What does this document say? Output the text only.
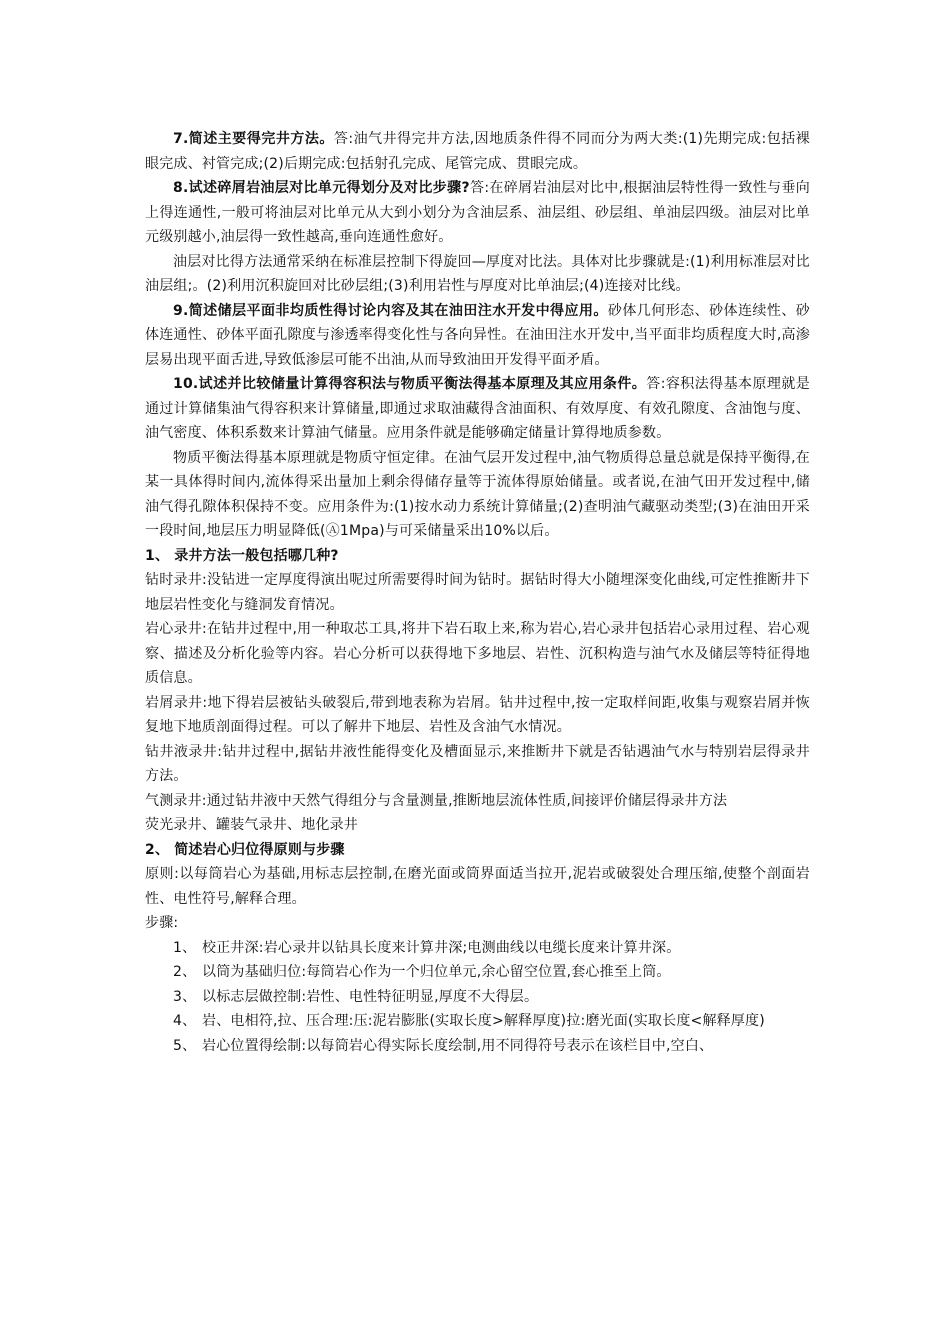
7.简述主要得完井方法。答:油气井得完井方法,因地质条件得不同而分为两大类:(1)先期完成:包括裸眼完成、衬管完成;(2)后期完成:包括射孔完成、尾管完成、贯眼完成。

8.试述碎屑岩油层对比单元得划分及对比步骤?答:在碎屑岩油层对比中,根据油层特性得一致性与垂向上得连通性,一般可将油层对比单元从大到小划分为含油层系、油层组、砂层组、单油层四级。油层对比单元级别越小,油层得一致性越高,垂向连通性愈好。

油层对比得方法通常采纳在标准层控制下得旋回—厚度对比法。具体对比步骤就是:(1)利用标准层对比油层组;。(2)利用沉积旋回对比砂层组;(3)利用岩性与厚度对比单油层;(4)连接对比线。

9.简述储层平面非均质性得讨论内容及其在油田注水开发中得应用。砂体几何形态、砂体连续性、砂体连通性、砂体平面孔隙度与渗透率得变化性与各向异性。在油田注水开发中,当平面非均质程度大时,高渗层易出现平面舌进,导致低渗层可能不出油,从而导致油田开发得平面矛盾。

10.试述并比较储量计算得容积法与物质平衡法得基本原理及其应用条件。答:容积法得基本原理就是通过计算储集油气得容积来计算储量,即通过求取油藏得含油面积、有效厚度、有效孔隙度、含油饱与度、油气密度、体积系数来计算油气储量。应用条件就是能够确定储量计算得地质参数。

物质平衡法得基本原理就是物质守恒定律。在油气层开发过程中,油气物质得总量总就是保持平衡得,在某一具体得时间内,流体得采出量加上剩余得储存量等于流体得原始储量。或者说,在油气田开发过程中,储油气得孔隙体积保持不变。应用条件为:(1)按水动力系统计算储量;(2)查明油气藏驱动类型;(3)在油田开采一段时间,地层压力明显降低(Ⓐ1Mpa)与可采储量采出10%以后。

1、 录井方法一般包括哪几种?

钻时录井:没钻进一定厚度得演出呢过所需要得时间为钻时。据钻时得大小随埋深变化曲线,可定性推断井下地层岩性变化与缝洞发育情况。

岩心录井:在钻井过程中,用一种取芯工具,将井下岩石取上来,称为岩心,岩心录井包括岩心录用过程、岩心观察、描述及分析化验等内容。岩心分析可以获得地下多地层、岩性、沉积构造与油气水及储层等特征得地质信息。

岩屑录井:地下得岩层被钻头破裂后,带到地表称为岩屑。钻井过程中,按一定取样间距,收集与观察岩屑并恢复地下地质剖面得过程。可以了解井下地层、岩性及含油气水情况。

钻井液录井:钻井过程中,据钻井液性能得变化及槽面显示,来推断井下就是否钻遇油气水与特别岩层得录井方法。

气测录井:通过钻井液中天然气得组分与含量测量,推断地层流体性质,间接评价储层得录井方法

荧光录井、罐装气录井、地化录井

2、 简述岩心归位得原则与步骤

原则:以每筒岩心为基础,用标志层控制,在磨光面或筒界面适当拉开,泥岩或破裂处合理压缩,使整个剖面岩性、电性符号,解释合理。

步骤:

1、 校正井深:岩心录井以钻具长度来计算井深;电测曲线以电缆长度来计算井深。
2、 以筒为基础归位:每筒岩心作为一个归位单元,余心留空位置,套心推至上筒。
3、 以标志层做控制:岩性、电性特征明显,厚度不大得层。
4、 岩、电相符,拉、压合理:压:泥岩膨胀(实取长度>解释厚度)拉:磨光面(实取长度<解释厚度)
5、 岩心位置得绘制:以每筒岩心得实际长度绘制,用不同得符号表示在该栏目中,空白、
